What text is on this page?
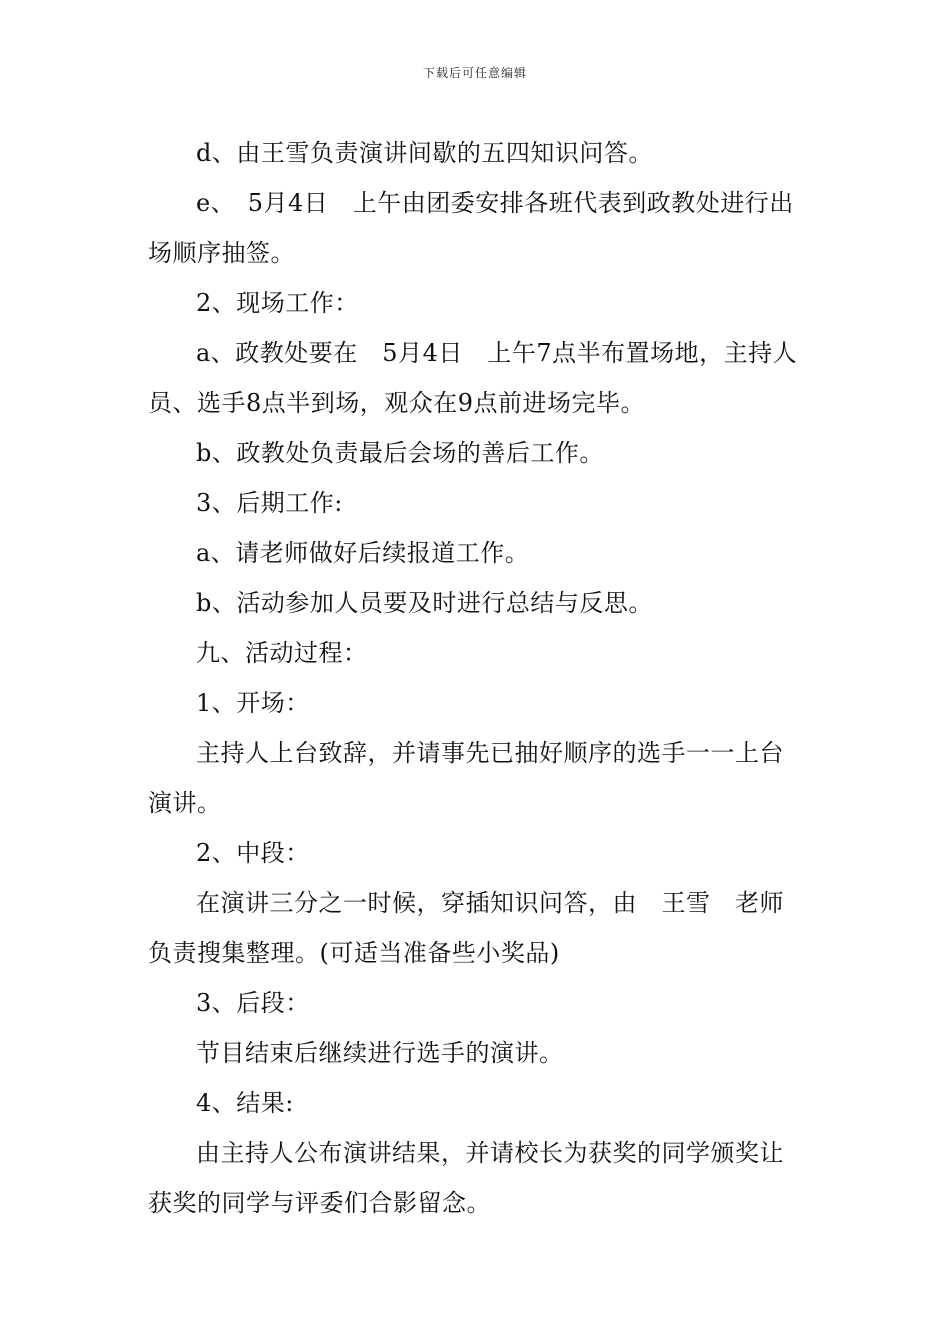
下载后可任意编辑

d、由王雪负责演讲间歇的五四知识问答。

e、　5月4日　上午由团委安排各班代表到政教处进行出场顺序抽签。

2、现场工作：

a、政教处要在　5月4日　上午7点半布置场地，主持人员、选手8点半到场，观众在9点前进场完毕。

b、政教处负责最后会场的善后工作。

3、后期工作:

a、请老师做好后续报道工作。

b、活动参加人员要及时进行总结与反思。

九、活动过程：

1、开场：

主持人上台致辞，并请事先已抽好顺序的选手一一上台演讲。

2、中段：

在演讲三分之一时候，穿插知识问答，由　王雪　老师负责搜集整理。(可适当准备些小奖品)

3、后段：

节目结束后继续进行选手的演讲。

4、结果:

由主持人公布演讲结果，并请校长为获奖的同学颁奖让获奖的同学与评委们合影留念。
